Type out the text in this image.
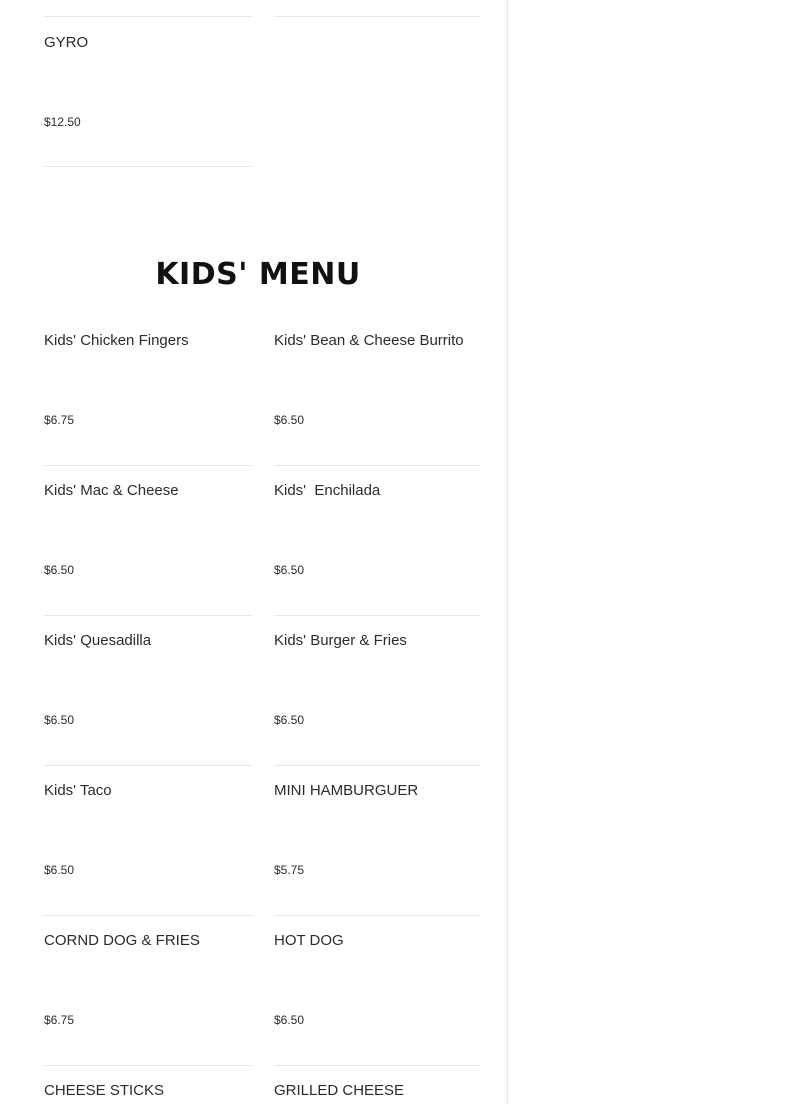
GYRO
$12.50
KIDS' MENU
Kids' Chicken Fingers
$6.75
Kids' Bean & Cheese Burrito
$6.50
Kids' Mac & Cheese
$6.50
Kids'  Enchilada
$6.50
Kids' Quesadilla
$6.50
Kids' Burger & Fries
$6.50
Kids' Taco
$6.50
MINI HAMBURGUER
$5.75
CORND DOG & FRIES
$6.75
HOT DOG
$6.50
CHEESE STICKS	GRILLED CHEESE
